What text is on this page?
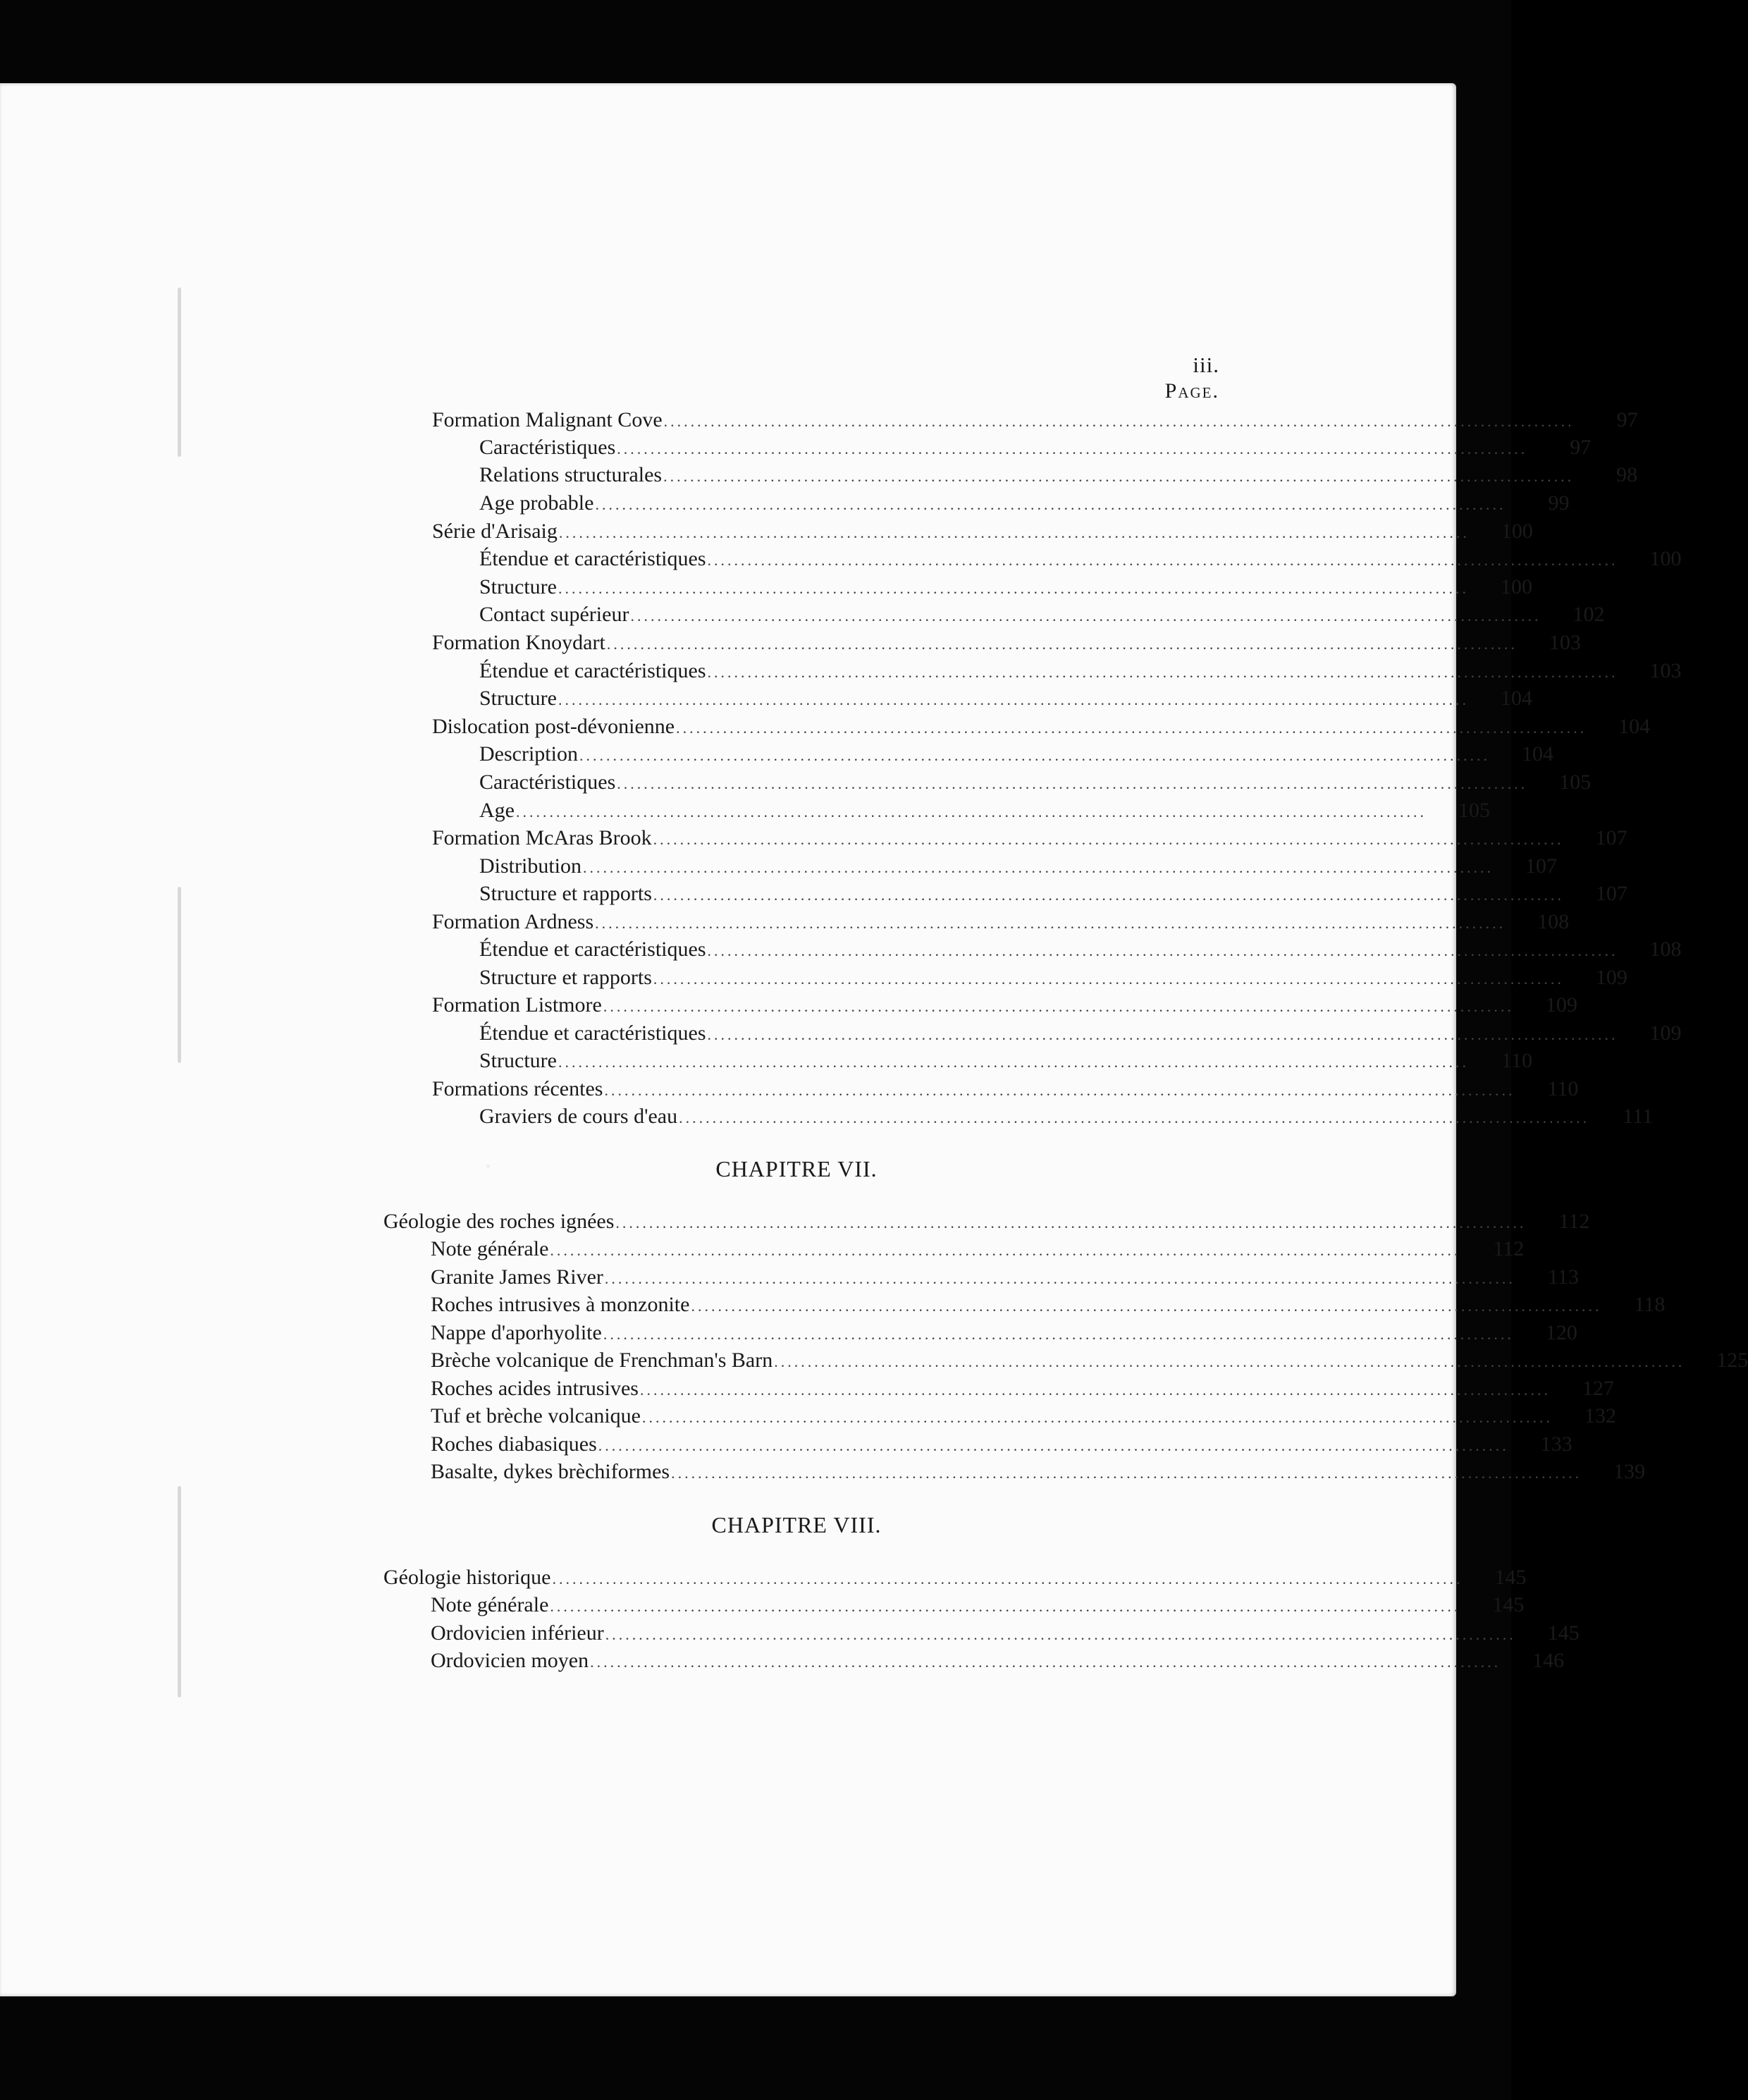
iii.
Page.
Formation Malignant Cove ........................................................................................................................................	97
Caractéristiques ........................................................................................................................................	97
Relations structurales ........................................................................................................................................	98
Age probable ........................................................................................................................................	99
Série d'Arisaig ........................................................................................................................................	100
Étendue et caractéristiques ........................................................................................................................................	100
Structure ........................................................................................................................................	100
Contact supérieur ........................................................................................................................................	102
Formation Knoydart ........................................................................................................................................	103
Étendue et caractéristiques ........................................................................................................................................	103
Structure ........................................................................................................................................	104
Dislocation post-dévonienne ........................................................................................................................................	104
Description ........................................................................................................................................	104
Caractéristiques ........................................................................................................................................	105
Age ........................................................................................................................................	105
Formation McAras Brook ........................................................................................................................................	107
Distribution ........................................................................................................................................	107
Structure et rapports ........................................................................................................................................	107
Formation Ardness ........................................................................................................................................	108
Étendue et caractéristiques ........................................................................................................................................	108
Structure et rapports ........................................................................................................................................	109
Formation Listmore ........................................................................................................................................	109
Étendue et caractéristiques ........................................................................................................................................	109
Structure ........................................................................................................................................	110
Formations récentes ........................................................................................................................................	110
Graviers de cours d'eau ........................................................................................................................................	111
CHAPITRE VII.
Géologie des roches ignées ........................................................................................................................................	112
Note générale ........................................................................................................................................	112
Granite James River ........................................................................................................................................	113
Roches intrusives à monzonite ........................................................................................................................................	118
Nappe d'aporhyolite ........................................................................................................................................	120
Brèche volcanique de Frenchman's Barn ........................................................................................................................................	125
Roches acides intrusives ........................................................................................................................................	127
Tuf et brèche volcanique ........................................................................................................................................	132
Roches diabasiques ........................................................................................................................................	133
Basalte, dykes brèchiformes ........................................................................................................................................	139
CHAPITRE VIII.
Géologie historique ........................................................................................................................................	145
Note générale ........................................................................................................................................	145
Ordovicien inférieur ........................................................................................................................................	145
Ordovicien moyen ........................................................................................................................................	146
